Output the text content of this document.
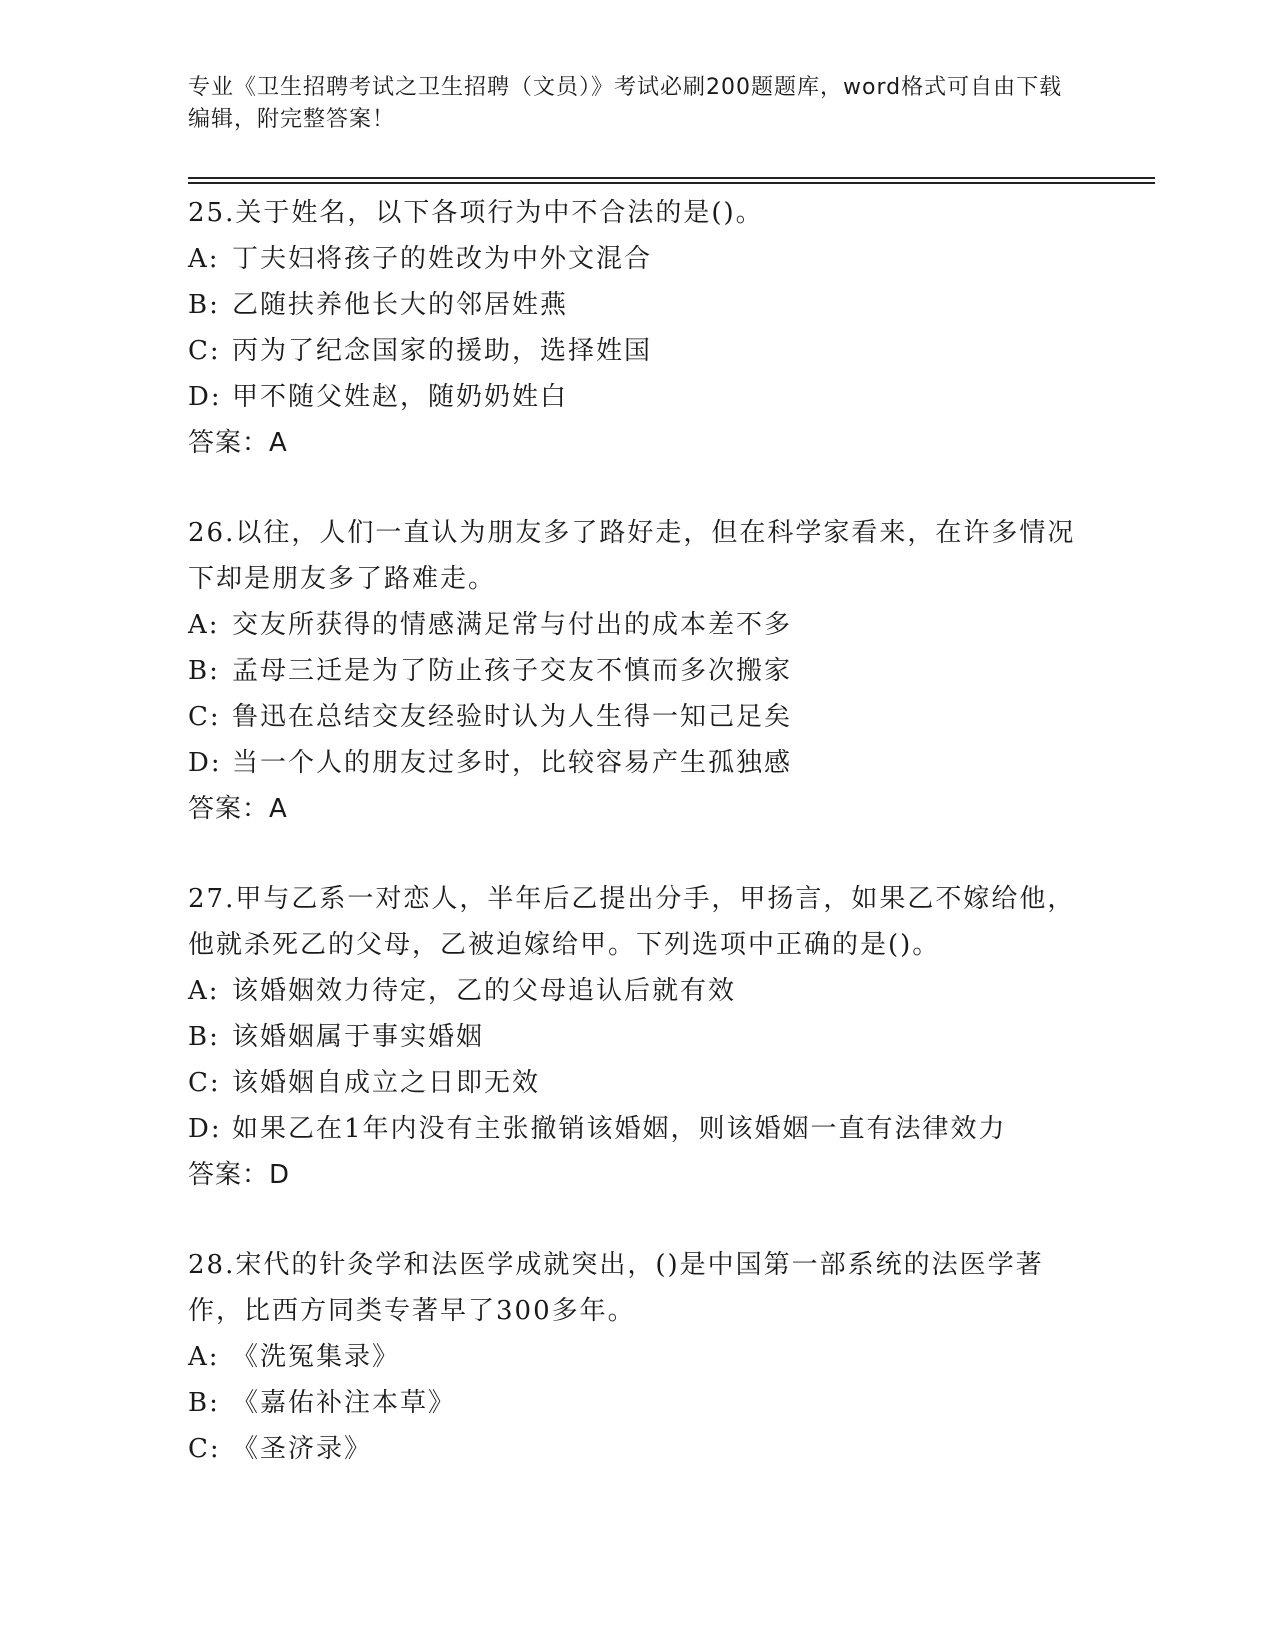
专业《卫生招聘考试之卫生招聘（文员）》考试必刷200题题库，word格式可自由下载编辑，附完整答案！
25.关于姓名，以下各项行为中不合法的是()。
A: 丁夫妇将孩子的姓改为中外文混合
B: 乙随扶养他长大的邻居姓燕
C: 丙为了纪念国家的援助，选择姓国
D: 甲不随父姓赵，随奶奶姓白
答案：A
26.以往，人们一直认为朋友多了路好走，但在科学家看来，在许多情况下却是朋友多了路难走。
A: 交友所获得的情感满足常与付出的成本差不多
B: 孟母三迁是为了防止孩子交友不慎而多次搬家
C: 鲁迅在总结交友经验时认为人生得一知己足矣
D: 当一个人的朋友过多时，比较容易产生孤独感
答案：A
27.甲与乙系一对恋人，半年后乙提出分手，甲扬言，如果乙不嫁给他，他就杀死乙的父母，乙被迫嫁给甲。下列选项中正确的是()。
A: 该婚姻效力待定，乙的父母追认后就有效
B: 该婚姻属于事实婚姻
C: 该婚姻自成立之日即无效
D: 如果乙在1年内没有主张撤销该婚姻，则该婚姻一直有法律效力
答案：D
28.宋代的针灸学和法医学成就突出，()是中国第一部系统的法医学著作，比西方同类专著早了300多年。
A: 《洗冤集录》
B: 《嘉佑补注本草》
C: 《圣济录》
